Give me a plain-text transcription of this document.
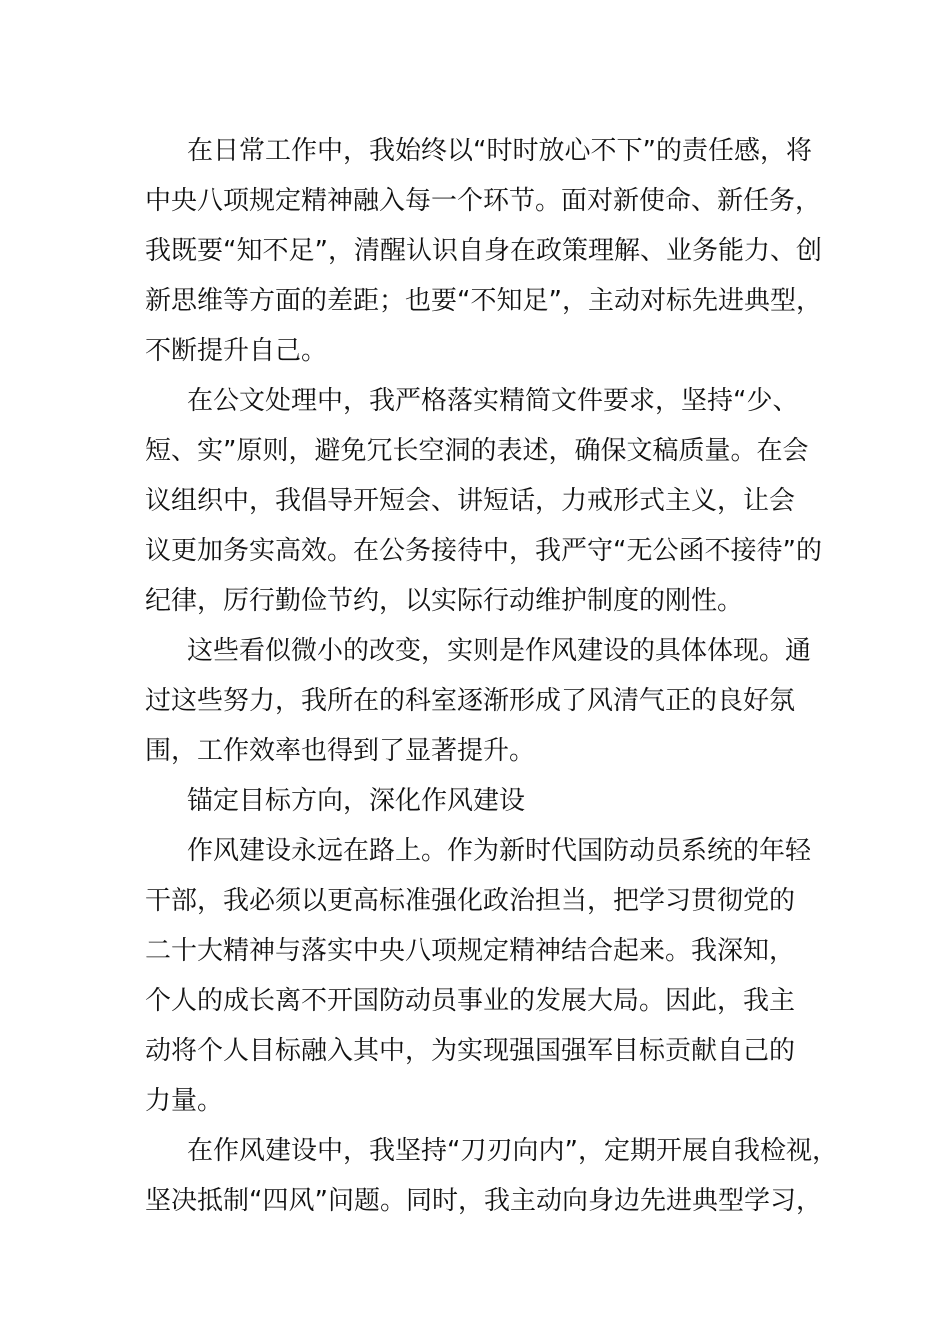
在日常工作中，我始终以“时时放心不下”的责任感，将
中央八项规定精神融入每一个环节。面对新使命、新任务，
我既要“知不足”，清醒认识自身在政策理解、业务能力、创
新思维等方面的差距；也要“不知足”，主动对标先进典型，
不断提升自己。
在公文处理中，我严格落实精简文件要求，坚持“少、
短、实”原则，避免冗长空洞的表述，确保文稿质量。在会
议组织中，我倡导开短会、讲短话，力戒形式主义，让会
议更加务实高效。在公务接待中，我严守“无公函不接待”的
纪律，厉行勤俭节约，以实际行动维护制度的刚性。
这些看似微小的改变，实则是作风建设的具体体现。通
过这些努力，我所在的科室逐渐形成了风清气正的良好氛
围，工作效率也得到了显著提升。
锚定目标方向，深化作风建设
作风建设永远在路上。作为新时代国防动员系统的年轻
干部，我必须以更高标准强化政治担当，把学习贯彻党的
二十大精神与落实中央八项规定精神结合起来。我深知，
个人的成长离不开国防动员事业的发展大局。因此，我主
动将个人目标融入其中，为实现强国强军目标贡献自己的
力量。
在作风建设中，我坚持“刀刃向内”，定期开展自我检视，
坚决抵制“四风”问题。同时，我主动向身边先进典型学习，
